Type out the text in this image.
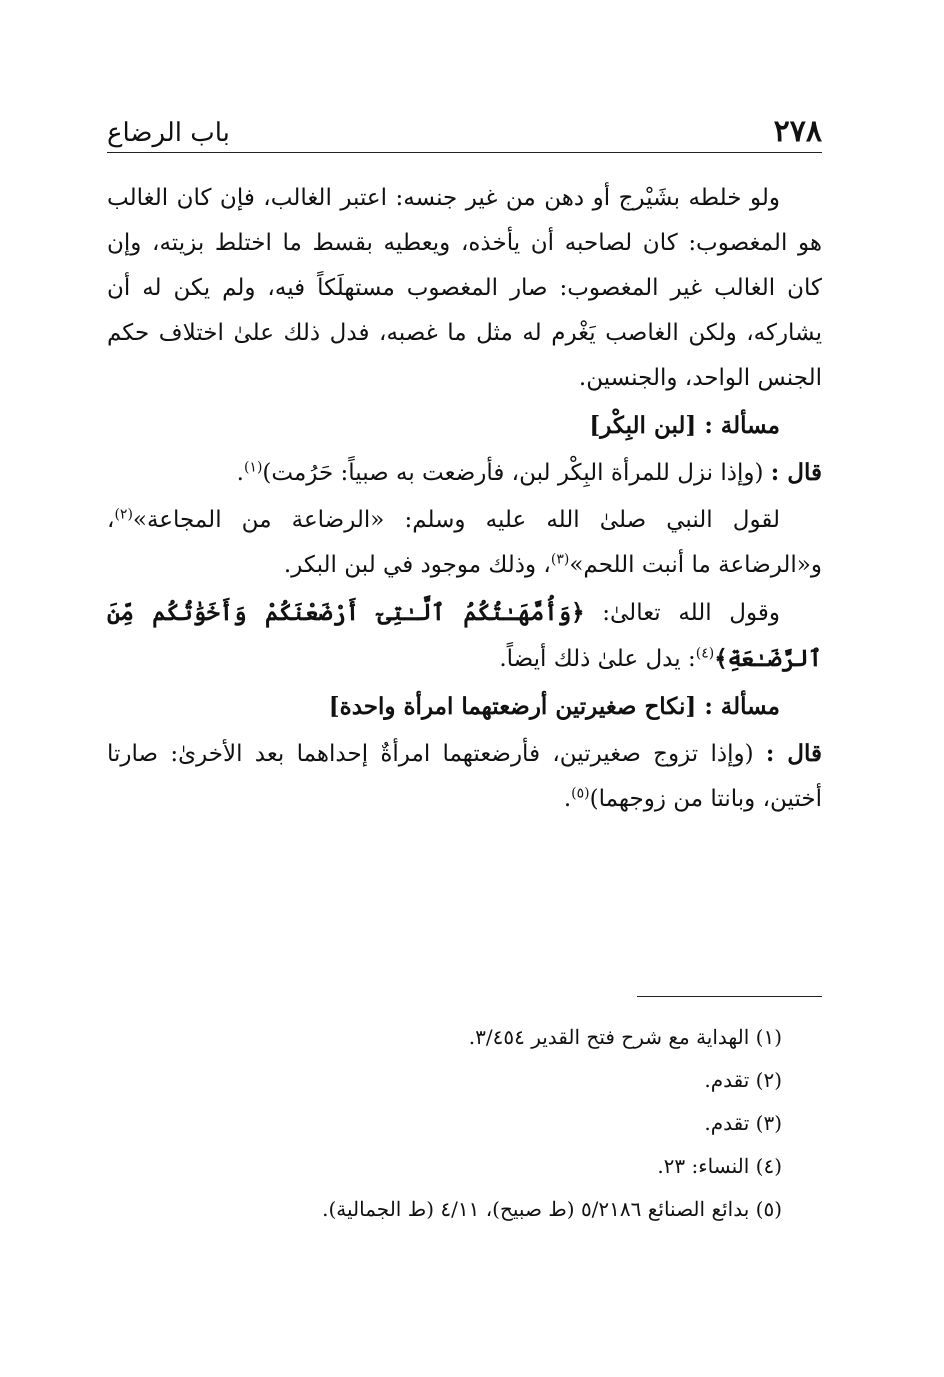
٢٧٨
باب الرضاع

ولو خلطه بشَيْرج أو دهن من غير جنسه: اعتبر الغالب، فإن كان الغالب هو المغصوب: كان لصاحبه أن يأخذه، ويعطيه بقسط ما اختلط بزيته، وإن كان الغالب غير المغصوب: صار المغصوب مستهلَكاً فيه، ولم يكن له أن يشاركه، ولكن الغاصب يَغْرم له مثل ما غصبه، فدل ذلك علىٰ اختلاف حكم الجنس الواحد، والجنسين.

مسألة : [لبن البِكْر]

قال : (وإذا نزل للمرأة البِكْر لبن، فأرضعت به صبياً: حَرُمت)$^{(١)}$.

لقول النبي صلىٰ الله عليه وسلم: «الرضاعة من المجاعة»$^{(٢)}$، و«الرضاعة ما أنبت اللحم»$^{(٣)}$، وذلك موجود في لبن البكر.

وقول الله تعالىٰ: ﴿وَأُمَّهَـٰتُكُمُ ٱلَّـٰتِىٓ أَرْضَعْنَكُمْ وَأَخَوَٰتُكُم مِّنَ ٱلرَّضَـٰعَةِ﴾$^{(٤)}$: يدل علىٰ ذلك أيضاً.

مسألة : [نكاح صغيرتين أرضعتهما امرأة واحدة]

قال : (وإذا تزوج صغيرتين، فأرضعتهما امرأةٌ إحداهما بعد الأخرىٰ: صارتا أختين، وبانتا من زوجهما)$^{(٥)}$.

(١) الهداية مع شرح فتح القدير ٣/٤٥٤.
(٢) تقدم.
(٣) تقدم.
(٤) النساء: ٢٣.
(٥) بدائع الصنائع ٥/٢١٨٦ (ط صبيح)، ٤/١١ (ط الجمالية).
